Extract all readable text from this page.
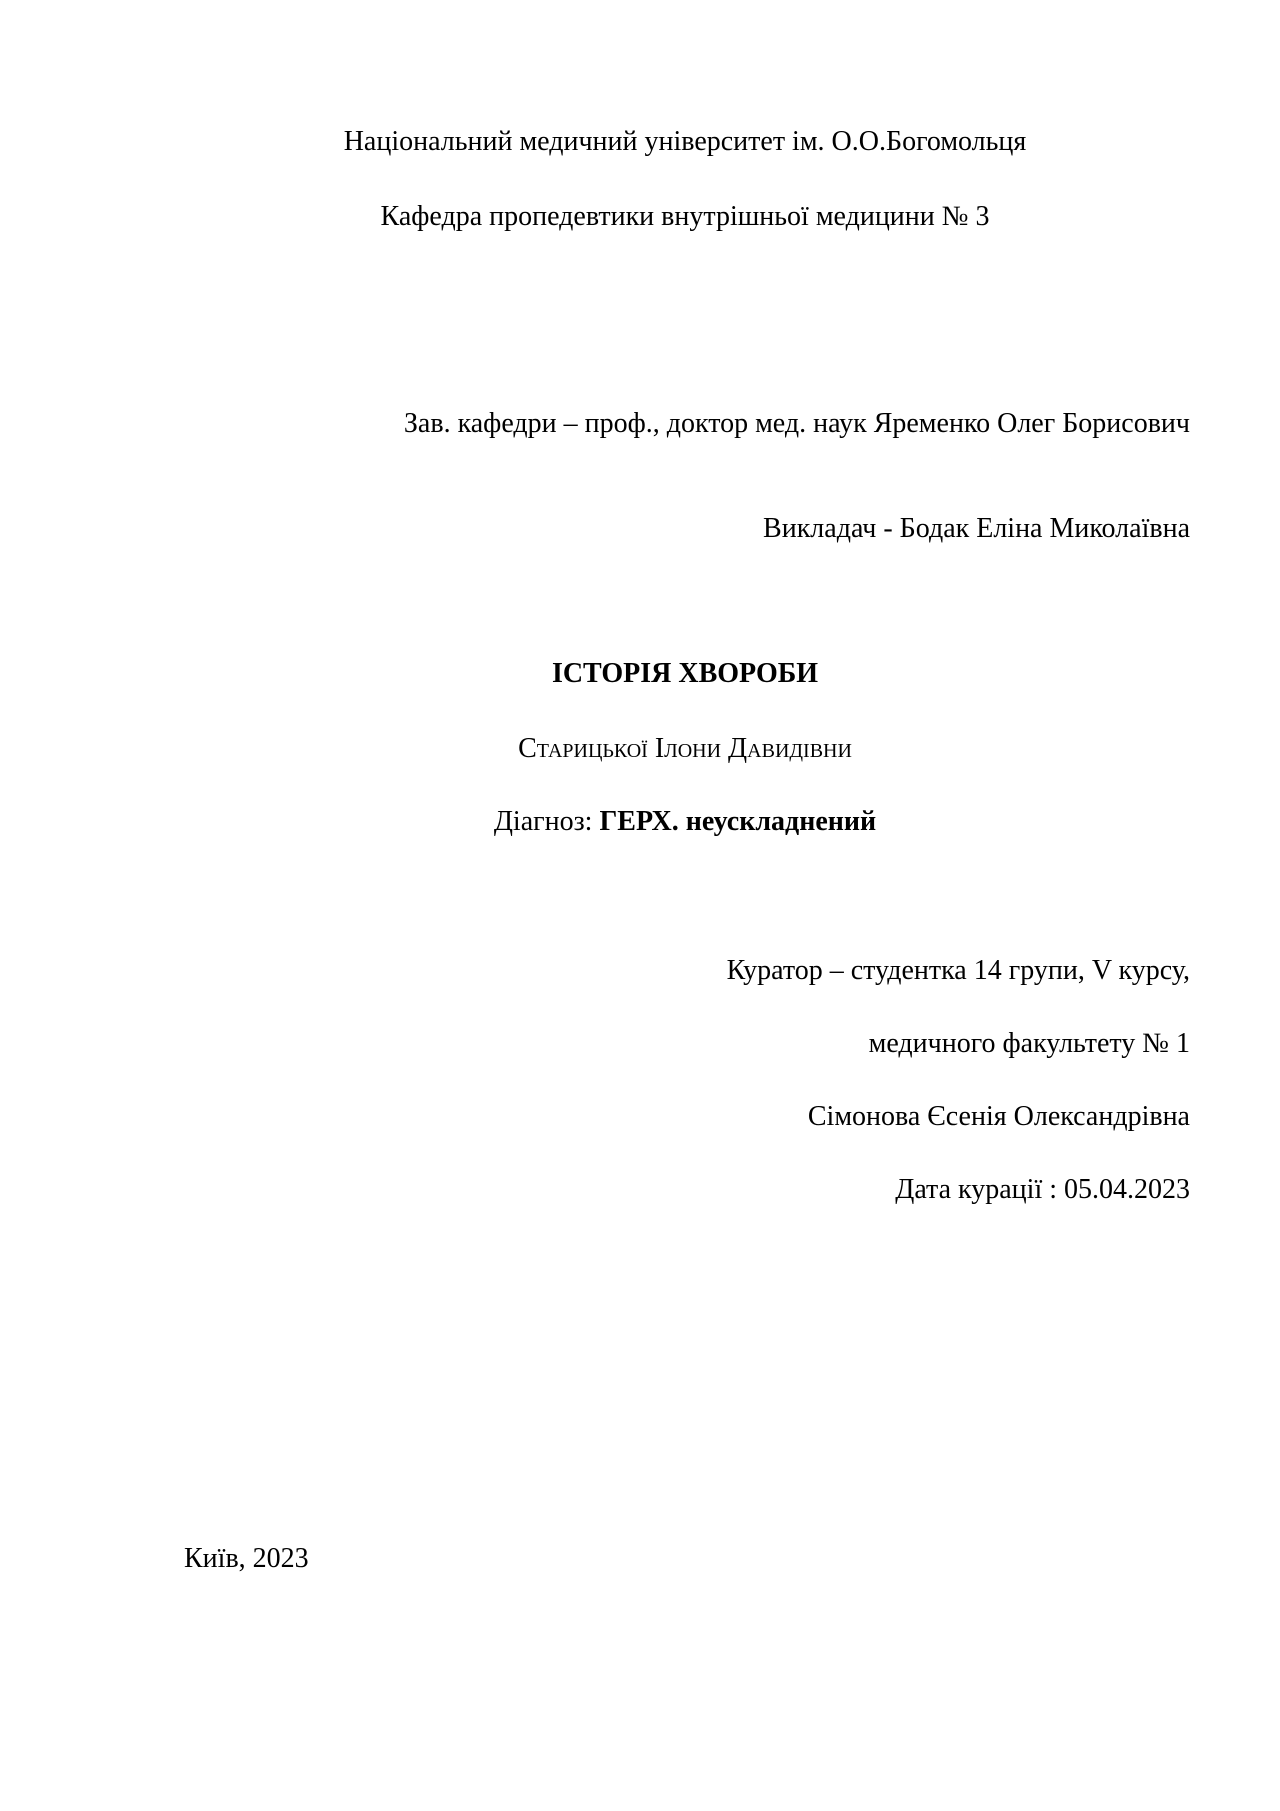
Національний медичний університет ім. О.О.Богомольця
Кафедра пропедевтики внутрішньої медицини № 3
Зав. кафедри – проф., доктор мед. наук Яременко Олег Борисович
Викладач - Бодак Еліна Миколаївна
ІСТОРІЯ ХВОРОБИ
Старицької Ілони Давидівни
Діагноз: ГЕРХ. неускладнений
Куратор – студентка 14 групи, V курсу,
медичного факультету № 1
Сімонова Єсенія Олександрівна
Дата курації : 05.04.2023
Київ, 2023
